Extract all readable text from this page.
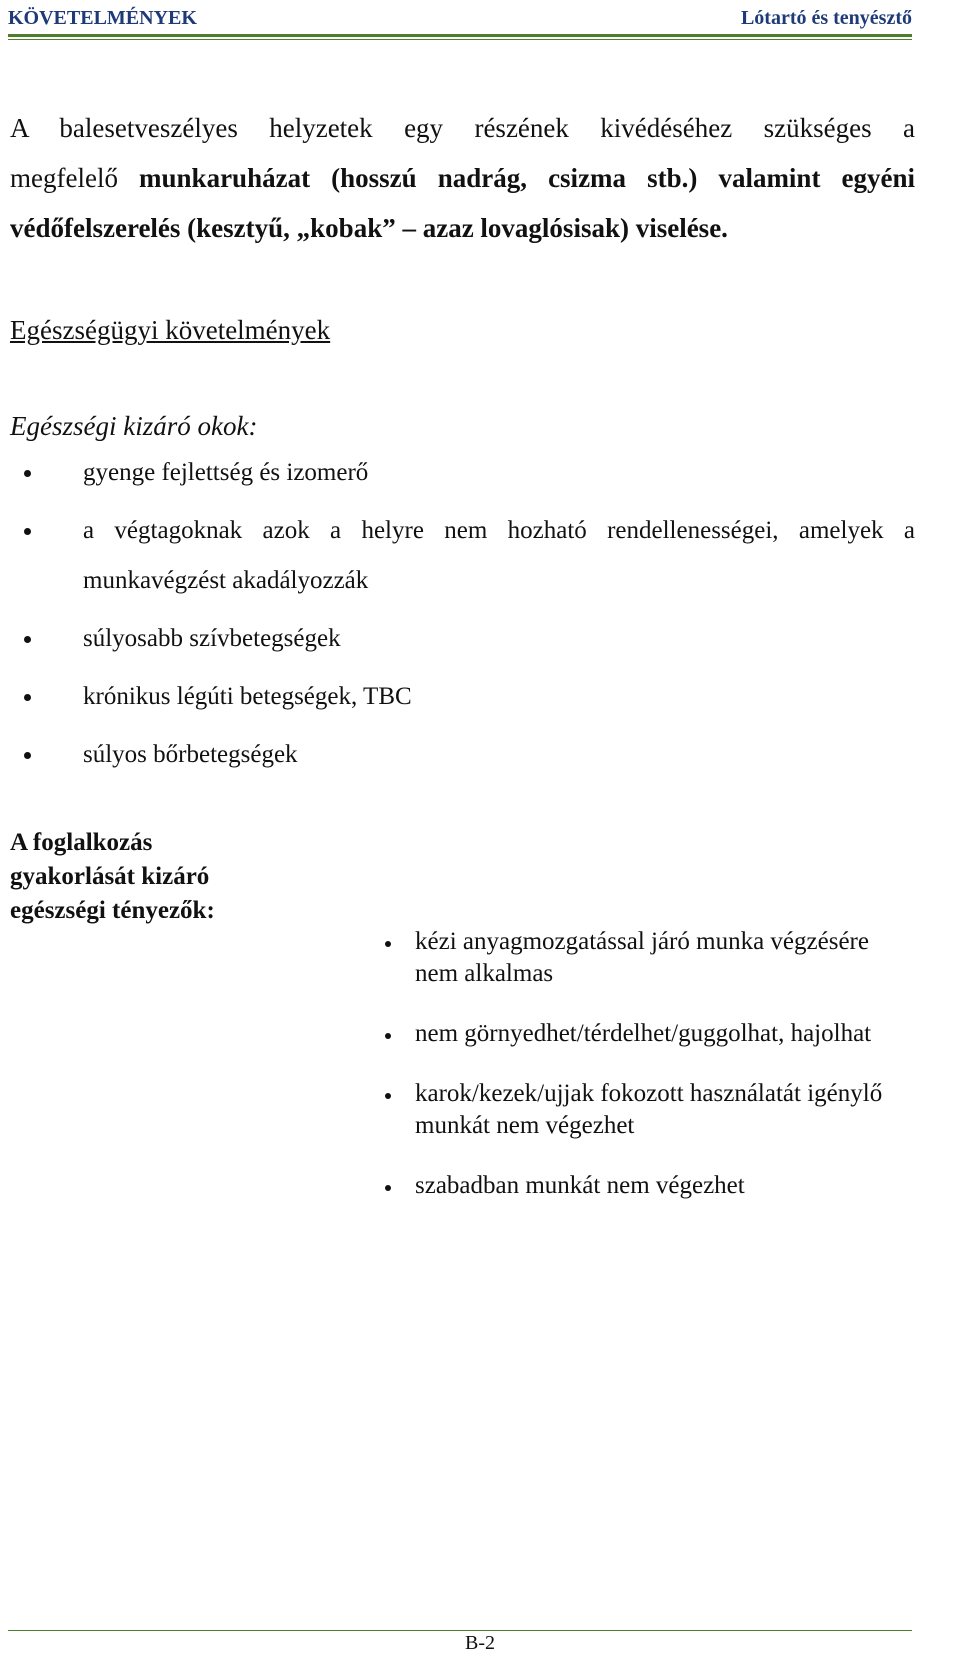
KÖVETELMÉNYEK	Lótartó és tenyésztő
A balesetveszélyes helyzetek egy részének kivédéséhez szükséges a
megfelelő munkaruházat (hosszú nadrág, csizma stb.) valamint egyéni
védőfelszerelés (kesztyű, „kobak” – azaz lovaglósisak) viselése.
Egészségügyi követelmények
Egészségi kizáró okok:
gyenge fejlettség és izomerő
a végtagoknak azok a helyre nem hozható rendellenességei, amelyek a munkavégzést akadályozzák
súlyosabb szívbetegségek
krónikus légúti betegségek, TBC
súlyos bőrbetegségek
A foglalkozás
gyakorlását kizáró
egészségi tényezők:
kézi anyagmozgatással járó munka végzésére nem alkalmas
nem görnyedhet/térdelhet/guggolhat, hajolhat
karok/kezek/ujjak fokozott használatát igénylő munkát nem végezhet
szabadban munkát nem végezhet
B-2
